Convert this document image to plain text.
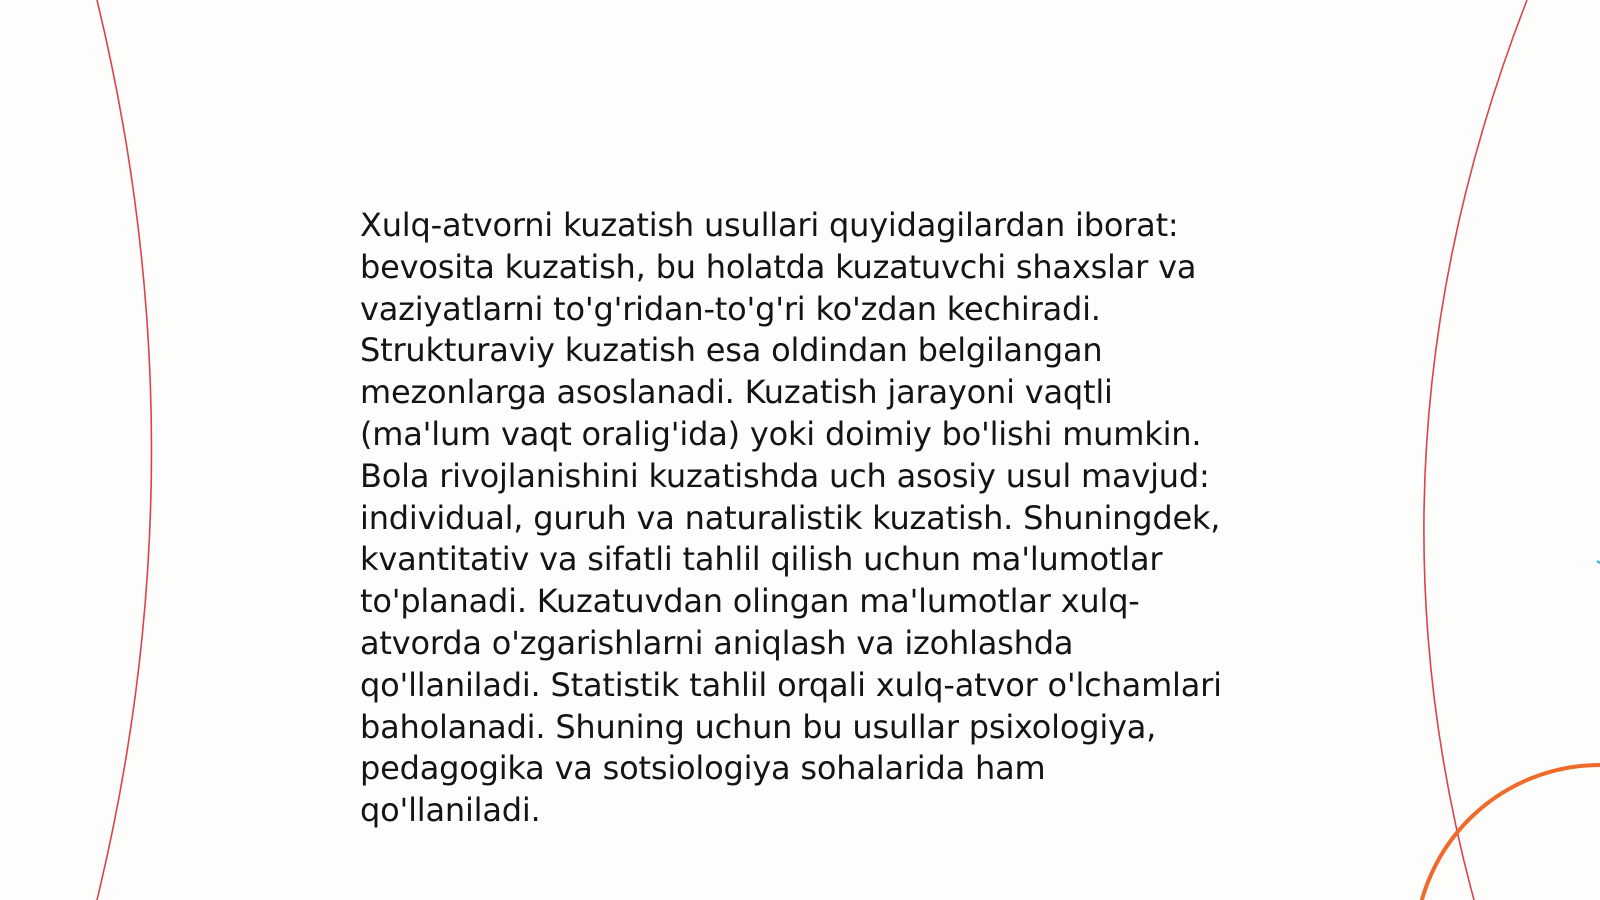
Xulq-atvorni kuzatish usullari quyidagilardan iborat:
bevosita kuzatish, bu holatda kuzatuvchi shaxslar va
vaziyatlarni to'g'ridan-to'g'ri ko'zdan kechiradi.
Strukturaviy kuzatish esa oldindan belgilangan
mezonlarga asoslanadi. Kuzatish jarayoni vaqtli
(ma'lum vaqt oralig'ida) yoki doimiy bo'lishi mumkin.
Bola rivojlanishini kuzatishda uch asosiy usul mavjud:
individual, guruh va naturalistik kuzatish. Shuningdek,
kvantitativ va sifatli tahlil qilish uchun ma'lumotlar
to'planadi. Kuzatuvdan olingan ma'lumotlar xulq-
atvorda o'zgarishlarni aniqlash va izohlashda
qo'llaniladi. Statistik tahlil orqali xulq-atvor o'lchamlari
baholanadi. Shuning uchun bu usullar psixologiya,
pedagogika va sotsiologiya sohalarida ham
qo'llaniladi.
